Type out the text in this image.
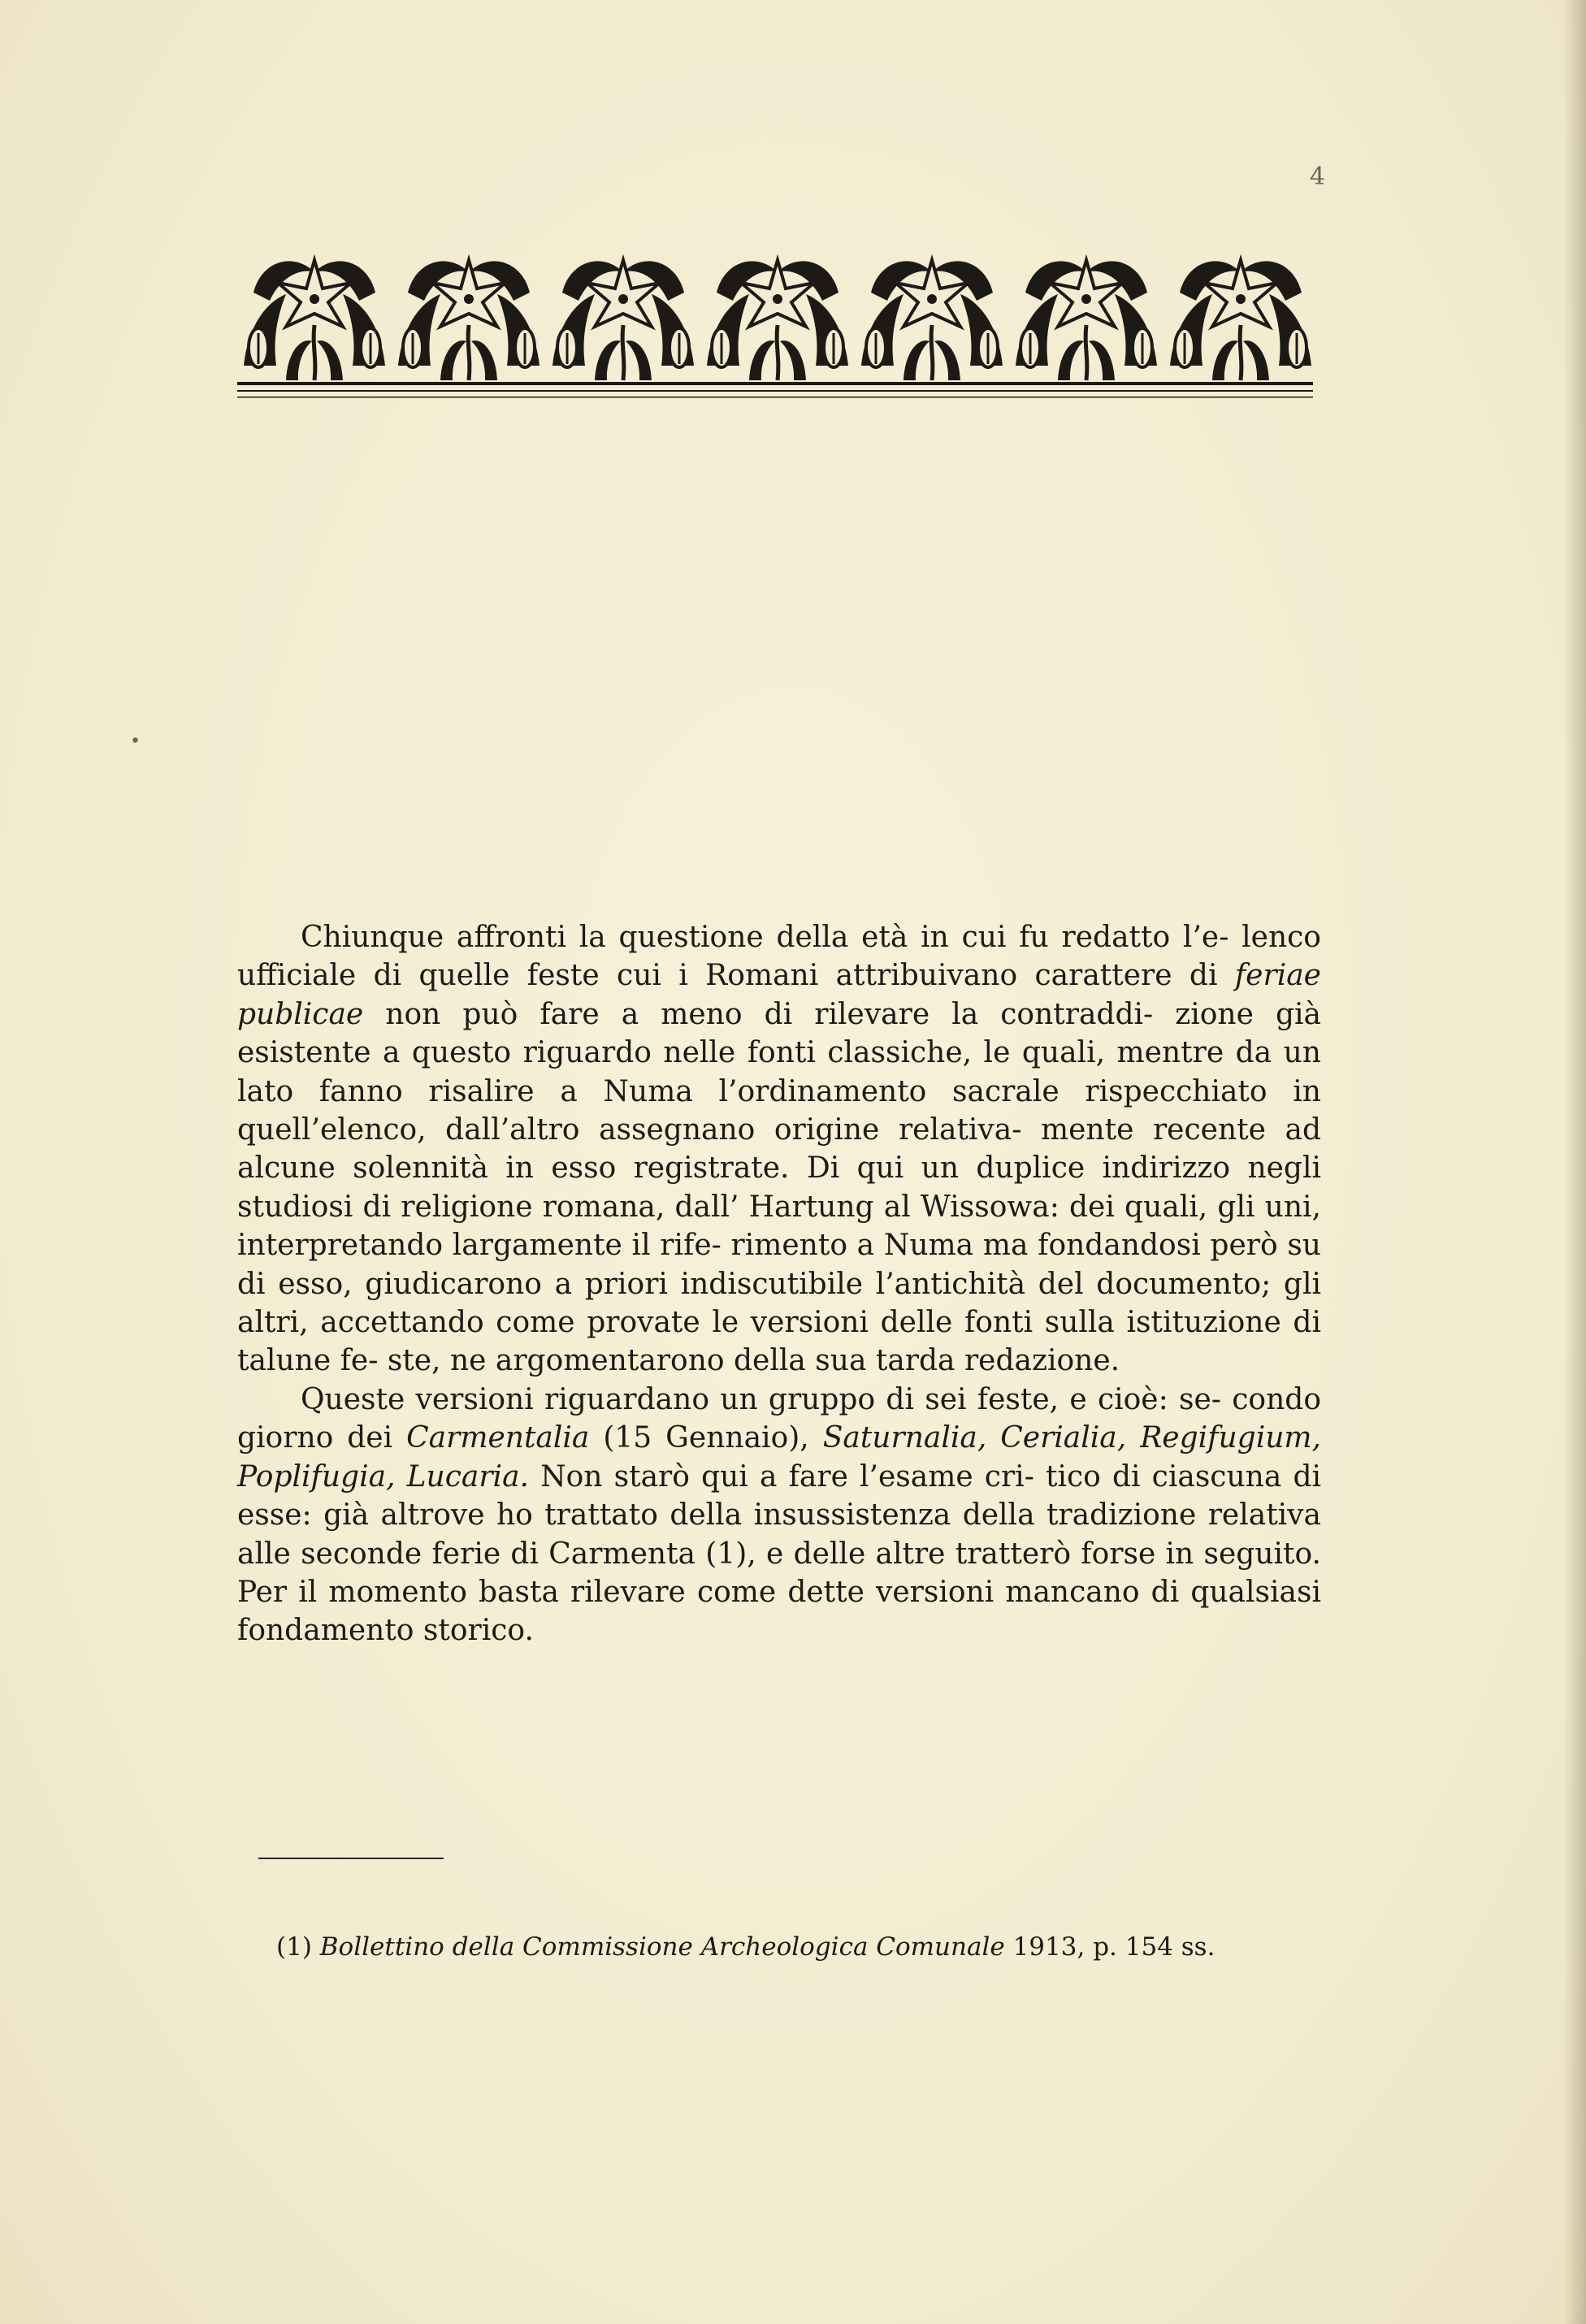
4
•

Chiunque affronti la questione della età in cui fu redatto l’e- lenco ufficiale di quelle feste cui i Romani attribuivano carattere di feriae publicae non può fare a meno di rilevare la contraddi- zione già esistente a questo riguardo nelle fonti classiche, le quali, mentre da un lato fanno risalire a Numa l’ordinamento sacrale rispecchiato in quell’elenco, dall’altro assegnano origine relativa- mente recente ad alcune solennità in esso registrate. Di qui un duplice indirizzo negli studiosi di religione romana, dall’ Hartung al Wissowa: dei quali, gli uni, interpretando largamente il rife- rimento a Numa ma fondandosi però su di esso, giudicarono a priori indiscutibile l’antichità del documento; gli altri, accettando come provate le versioni delle fonti sulla istituzione di talune fe- ste, ne argomentarono della sua tarda redazione.

Queste versioni riguardano un gruppo di sei feste, e cioè: se- condo giorno dei Carmentalia (15 Gennaio), Saturnalia, Cerialia, Regifugium, Poplifugia, Lucaria. Non starò qui a fare l’esame cri- tico di ciascuna di esse: già altrove ho trattato della insussistenza della tradizione relativa alle seconde ferie di Carmenta (1), e delle altre tratterò forse in seguito. Per il momento basta rilevare come dette versioni mancano di qualsiasi fondamento storico.

(1) Bollettino della Commissione Archeologica Comunale 1913, p. 154 ss.
